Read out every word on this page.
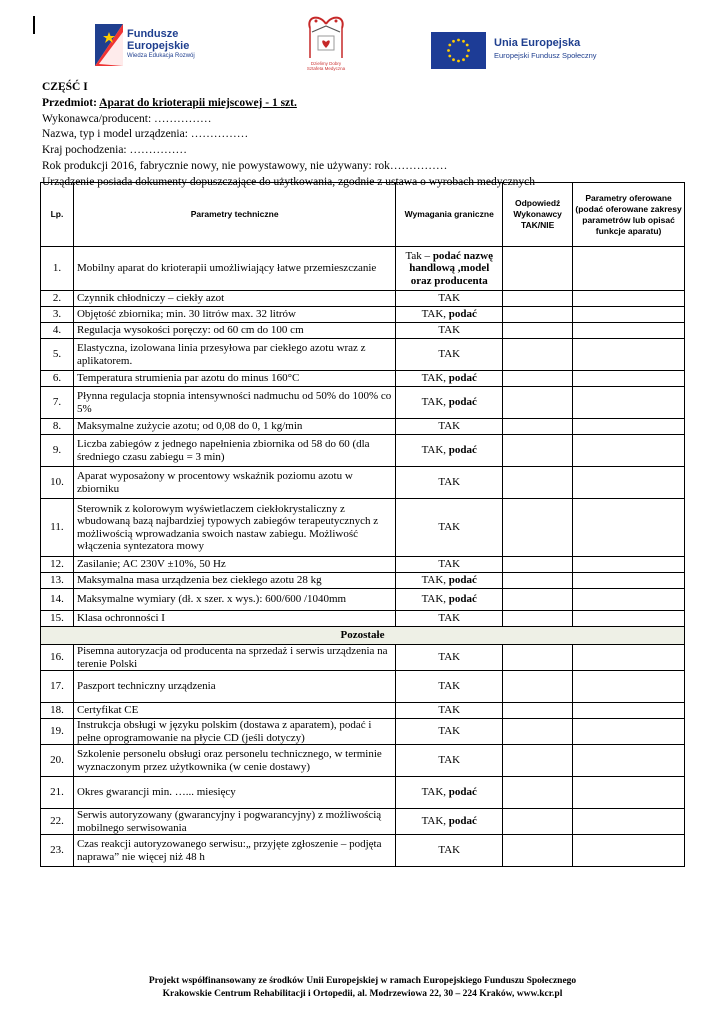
Fundusze
Europejskie
Wiedza Edukacja Rozwój
Dzielimy Dobry
Sztafeta Medyczna
Unia Europejska
Europejski Fundusz Społeczny
CZĘŚĆ I
Przedmiot: Aparat do krioterapii miejscowej - 1 szt.
Wykonawca/producent: ……………
Nazwa, typ i model urządzenia: ……………
Kraj pochodzenia: ……………
Rok produkcji 2016, fabrycznie nowy, nie powystawowy, nie używany: rok……………
Urządzenie posiada dokumenty dopuszczające do użytkowania, zgodnie z ustawa o wyrobach medycznych
Lp.	Parametry techniczne	Wymagania graniczne	Odpowiedź Wykonawcy TAK/NIE	Parametry oferowane (podać oferowane zakresy parametrów lub opisać funkcje aparatu)
1.	Mobilny aparat do krioterapii umożliwiający łatwe przemieszczanie	Tak – podać nazwę handlową ,model oraz producenta		
2.	Czynnik chłodniczy – ciekły azot	TAK		
3.	Objętość zbiornika; min. 30 litrów max. 32 litrów	TAK, podać		
4.	Regulacja wysokości poręczy: od 60 cm do 100 cm	TAK		
5.	Elastyczna, izolowana linia przesyłowa par ciekłego azotu wraz z aplikatorem.	TAK		
6.	Temperatura strumienia par azotu do minus 160°C	TAK, podać		
7.	Płynna regulacja stopnia intensywności nadmuchu od 50% do 100% co 5%	TAK, podać		
8.	Maksymalne zużycie azotu; od 0,08 do 0, 1 kg/min	TAK		
9.	Liczba zabiegów z jednego napełnienia zbiornika od 58 do 60 (dla średniego czasu zabiegu = 3 min)	TAK, podać		
10.	Aparat wyposażony w procentowy wskaźnik poziomu azotu w zbiorniku	TAK		
11.	Sterownik z kolorowym wyświetlaczem ciekłokrystaliczny z wbudowaną bazą najbardziej typowych zabiegów terapeutycznych z możliwością wprowadzania swoich nastaw zabiegu. Możliwość włączenia syntezatora mowy	TAK		
12.	Zasilanie; AC 230V ±10%, 50 Hz	TAK		
13.	Maksymalna masa urządzenia bez ciekłego azotu 28 kg	TAK, podać		
14.	Maksymalne wymiary (dł. x szer. x wys.): 600/600 /1040mm	TAK, podać		
15.	Klasa ochronności I	TAK		
Pozostałe				
16.	Pisemna autoryzacja od producenta na sprzedaż i serwis urządzenia na terenie Polski	TAK		
17.	Paszport techniczny urządzenia	TAK		
18.	Certyfikat CE	TAK		
19.	Instrukcja obsługi w języku polskim (dostawa z aparatem), podać i pełne oprogramowanie na płycie CD (jeśli dotyczy)	TAK		
20.	Szkolenie personelu obsługi oraz personelu technicznego, w terminie wyznaczonym przez użytkownika (w cenie dostawy)	TAK		
21.	Okres gwarancji min. …... miesięcy	TAK, podać		
22.	Serwis autoryzowany (gwarancyjny i pogwarancyjny) z możliwością mobilnego serwisowania	TAK, podać		
23.	Czas reakcji autoryzowanego serwisu:„ przyjęte zgłoszenie – podjęta naprawa” nie więcej niż 48 h	TAK		
Projekt współfinansowany ze środków Unii Europejskiej w ramach Europejskiego Funduszu Społecznego
Krakowskie Centrum Rehabilitacji i Ortopedii, al. Modrzewiowa 22, 30 – 224 Kraków, www.kcr.pl
